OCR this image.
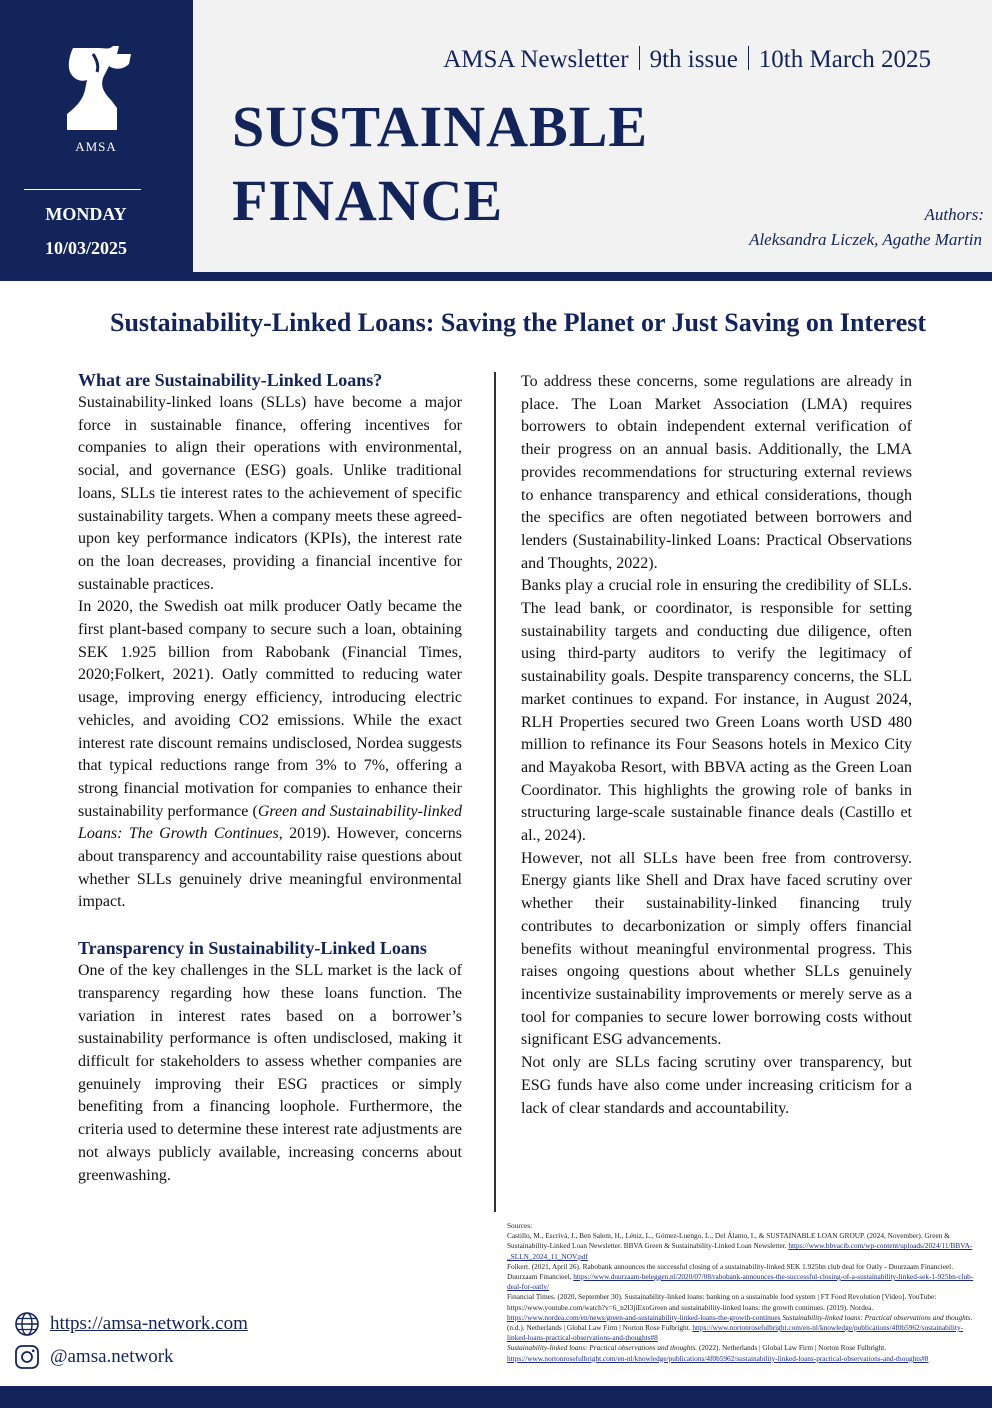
AMSA
MONDAY
10/03/2025
AMSA Newsletter 9th issue 10th March 2025
SUSTAINABLE
FINANCE	Authors:
Aleksandra Liczek, Agathe Martin
Sustainability-Linked Loans: Saving the Planet or Just Saving on Interest
What are Sustainability-Linked Loans?

Sustainability-linked loans (SLLs) have become a major force in sustainable finance, offering incentives for companies to align their operations with environmental, social, and governance (ESG) goals. Unlike traditional loans, SLLs tie interest rates to the achievement of specific sustainability targets. When a company meets these agreed-upon key performance indicators (KPIs), the interest rate on the loan decreases, providing a financial incentive for sustainable practices.

In 2020, the Swedish oat milk producer Oatly became the first plant-based company to secure such a loan, obtaining SEK 1.925 billion from Rabobank (Financial Times, 2020;Folkert, 2021). Oatly committed to reducing water usage, improving energy efficiency, introducing electric vehicles, and avoiding CO2 emissions. While the exact interest rate discount remains undisclosed, Nordea suggests that typical reductions range from 3% to 7%, offering a strong financial motivation for companies to enhance their sustainability performance (Green and Sustainability-linked Loans: The Growth Continues, 2019). However, concerns about transparency and accountability raise questions about whether SLLs genuinely drive meaningful environmental impact.

Transparency in Sustainability-Linked Loans

One of the key challenges in the SLL market is the lack of transparency regarding how these loans function. The variation in interest rates based on a borrower’s sustainability performance is often undisclosed, making it difficult for stakeholders to assess whether companies are genuinely improving their ESG practices or simply benefiting from a financing loophole. Furthermore, the criteria used to determine these interest rate adjustments are not always publicly available, increasing concerns about greenwashing.

To address these concerns, some regulations are already in place. The Loan Market Association (LMA) requires borrowers to obtain independent external verification of their progress on an annual basis. Additionally, the LMA provides recommendations for structuring external reviews to enhance transparency and ethical considerations, though the specifics are often negotiated between borrowers and lenders (Sustainability-linked Loans: Practical Observations and Thoughts, 2022).

Banks play a crucial role in ensuring the credibility of SLLs. The lead bank, or coordinator, is responsible for setting sustainability targets and conducting due diligence, often using third-party auditors to verify the legitimacy of sustainability goals. Despite transparency concerns, the SLL market continues to expand. For instance, in August 2024, RLH Properties secured two Green Loans worth USD 480 million to refinance its Four Seasons hotels in Mexico City and Mayakoba Resort, with BBVA acting as the Green Loan Coordinator. This highlights the growing role of banks in structuring large-scale sustainable finance deals (Castillo et al., 2024).

However, not all SLLs have been free from controversy. Energy giants like Shell and Drax have faced scrutiny over whether their sustainability-linked financing truly contributes to decarbonization or simply offers financial benefits without meaningful environmental progress. This raises ongoing questions about whether SLLs genuinely incentivize sustainability improvements or merely serve as a tool for companies to secure lower borrowing costs without significant ESG advancements.

Not only are SLLs facing scrutiny over transparency, but ESG funds have also come under increasing criticism for a lack of clear standards and accountability.

Sources:
Castillo, M., Escrivá, J., Ben Salem, H., Léniz, L., Gómez-Luengo, L., Del Álamo, I., & SUSTAINABLE LOAN GROUP. (2024, November). Green & Sustainability-Linked Loan Newsletter. BBVA Green & Sustainability-Linked Loan Newsletter. https://www.bbvacib.com/wp-content/uploads/2024/11/BBVA-_SLLN_2024_11_NOV.pdf
Folkert. (2021, April 26). Rabobank announces the successful closing of a sustainability-linked SEK 1.925bn club deal for Oatly - Duurzaam Financieel. Duurzaam Financieel. https://www.duurzaam-beleggen.nl/2020/07/08/rabobank-announces-the-successful-closing-of-a-sustainability-linked-sek-1-925bn-club-deal-for-oatly/
Financial Times. (2020, September 30). Sustainability-linked loans: banking on a sustainable food system | FT Food Revolution [Video]. YouTube: https://www.youtube.com/watch?v=6_n2I3jiExoGreen and sustainability-linked loans: the growth continues. (2019). Nordea. https://www.nordea.com/en/news/green-and-sustainability-linked-loans-the-growth-continues Sustainability-linked loans: Practical observations and thoughts. (n.d.). Netherlands | Global Law Firm | Norton Rose Fulbright. https://www.nortonrosefulbright.com/en-nl/knowledge/publications/4f0b5962/sustainability-linked-loans-practical-observations-and-thoughts#8
Sustainability-linked loans: Practical observations and thoughts. (2022). Netherlands | Global Law Firm | Norton Rose Fulbright. https://www.nortonrosefulbright.com/en-nl/knowledge/publications/4f0b5962/sustainability-linked-loans-practical-observations-and-thoughts#8
https://amsa-network.com
@amsa.network
